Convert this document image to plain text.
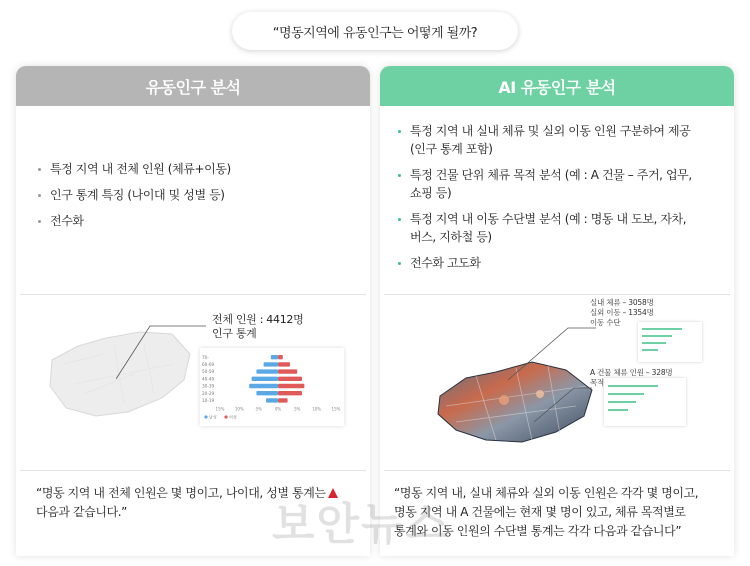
“명동지역에 유동인구는 어떻게 될까?
유동인구 분석
특정 지역 내 전체 인원 (체류+이동)
인구 통계 특징 (나이대 및 성별 등)
전수화
전체 인원 : 4412명
인구 통계
70-
60-69
50-59
40-49
30-39
20-29
10-19
15%	10%	5%	0%	5%	10%	15%
남성	여성
“명동 지역 내 전체 인원은 몇 명이고, 나이대, 성별 통계는
다음과 같습니다.”
AI 유동인구 분석
특정 지역 내 실내 체류 및 실외 이동 인원 구분하여 제공
(인구 통계 포함)
특정 건물 단위 체류 목적 분석 (예 : A 건물 – 주거, 업무,
쇼핑 등)
특정 지역 내 이동 수단별 분석 (예 : 명동 내 도보, 자차,
버스, 지하철 등)
전수화 고도화
실내 체류 – 3058명
실외 이동 – 1354명
이동 수단
A 건물 체류 인원 – 328명
목적
“명동 지역 내, 실내 체류와 실외 이동 인원은 각각 몇 명이고,
명동 지역 내 A 건물에는 현재 몇 명이 있고, 체류 목적별로
통계와 이동 인원의 수단별 통계는 각각 다음과 같습니다”
보안뉴스
